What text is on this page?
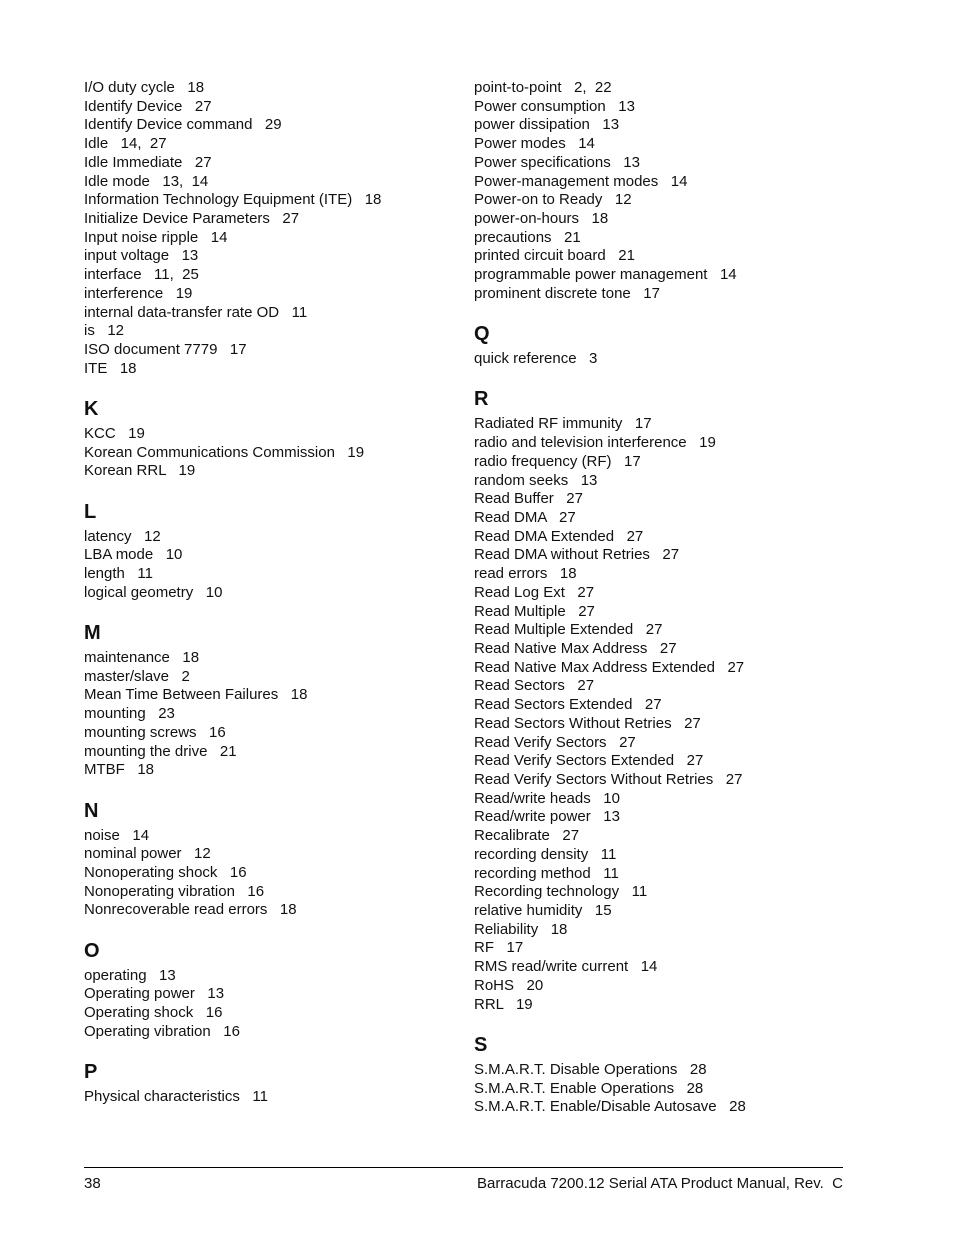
I/O duty cycle   18
Identify Device   27
Identify Device command   29
Idle   14,  27
Idle Immediate   27
Idle mode   13,  14
Information Technology Equipment (ITE)   18
Initialize Device Parameters   27
Input noise ripple   14
input voltage   13
interface   11,  25
interference   19
internal data-transfer rate OD   11
is   12
ISO document 7779   17
ITE   18
K
KCC   19
Korean Communications Commission   19
Korean RRL   19
L
latency   12
LBA mode   10
length   11
logical geometry   10
M
maintenance   18
master/slave   2
Mean Time Between Failures   18
mounting   23
mounting screws   16
mounting the drive   21
MTBF   18
N
noise   14
nominal power   12
Nonoperating shock   16
Nonoperating vibration   16
Nonrecoverable read errors   18
O
operating   13
Operating power   13
Operating shock   16
Operating vibration   16
P
Physical characteristics   11
point-to-point   2,  22
Power consumption   13
power dissipation   13
Power modes   14
Power specifications   13
Power-management modes   14
Power-on to Ready   12
power-on-hours   18
precautions   21
printed circuit board   21
programmable power management   14
prominent discrete tone   17
Q
quick reference   3
R
Radiated RF immunity   17
radio and television interference   19
radio frequency (RF)   17
random seeks   13
Read Buffer   27
Read DMA   27
Read DMA Extended   27
Read DMA without Retries   27
read errors   18
Read Log Ext   27
Read Multiple   27
Read Multiple Extended   27
Read Native Max Address   27
Read Native Max Address Extended   27
Read Sectors   27
Read Sectors Extended   27
Read Sectors Without Retries   27
Read Verify Sectors   27
Read Verify Sectors Extended   27
Read Verify Sectors Without Retries   27
Read/write heads   10
Read/write power   13
Recalibrate   27
recording density   11
recording method   11
Recording technology   11
relative humidity   15
Reliability   18
RF   17
RMS read/write current   14
RoHS   20
RRL   19
S
S.M.A.R.T. Disable Operations   28
S.M.A.R.T. Enable Operations   28
S.M.A.R.T. Enable/Disable Autosave   28
38	Barracuda 7200.12 Serial ATA Product Manual, Rev.  C
